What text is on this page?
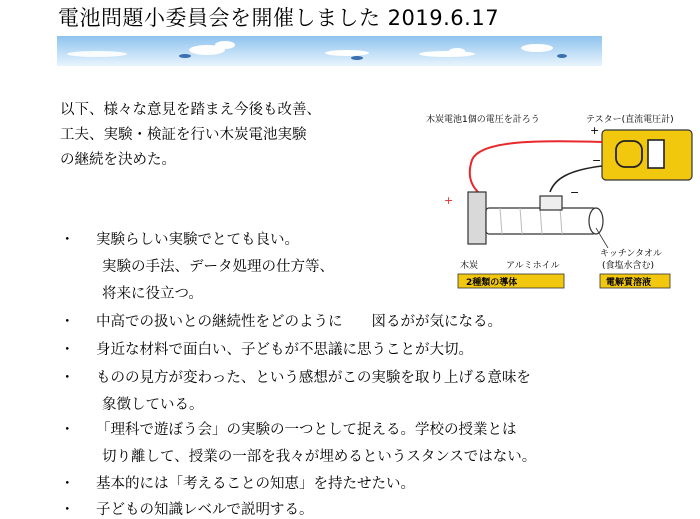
電池問題小委員会を開催しました 2019.6.17
以下、様々な意見を踏まえ今後も改善、
工夫、実験・検証を行い木炭電池実験
の継続を決めた。
木炭電池1個の電圧を計ろう	テスター(直流電圧計)
+
−
+
−
木炭	アルミホイル
キッチンタオル
(食塩水含む)
2種類の導体	電解質溶液
・ 実験らしい実験でとても良い。
実験の手法、データ処理の仕方等、
将来に役立つ。
・ 中高での扱いとの継続性をどのように　　図るがが気になる。
・ 身近な材料で面白い、子どもが不思議に思うことが大切。
・ ものの見方が変わった、という感想がこの実験を取り上げる意味を
象徴している。
・ 「理科で遊ぼう会」の実験の一つとして捉える。学校の授業とは
切り離して、授業の一部を我々が埋めるというスタンスではない。
・ 基本的には「考えることの知恵」を持たせたい。
・ 子どもの知識レベルで説明する。
